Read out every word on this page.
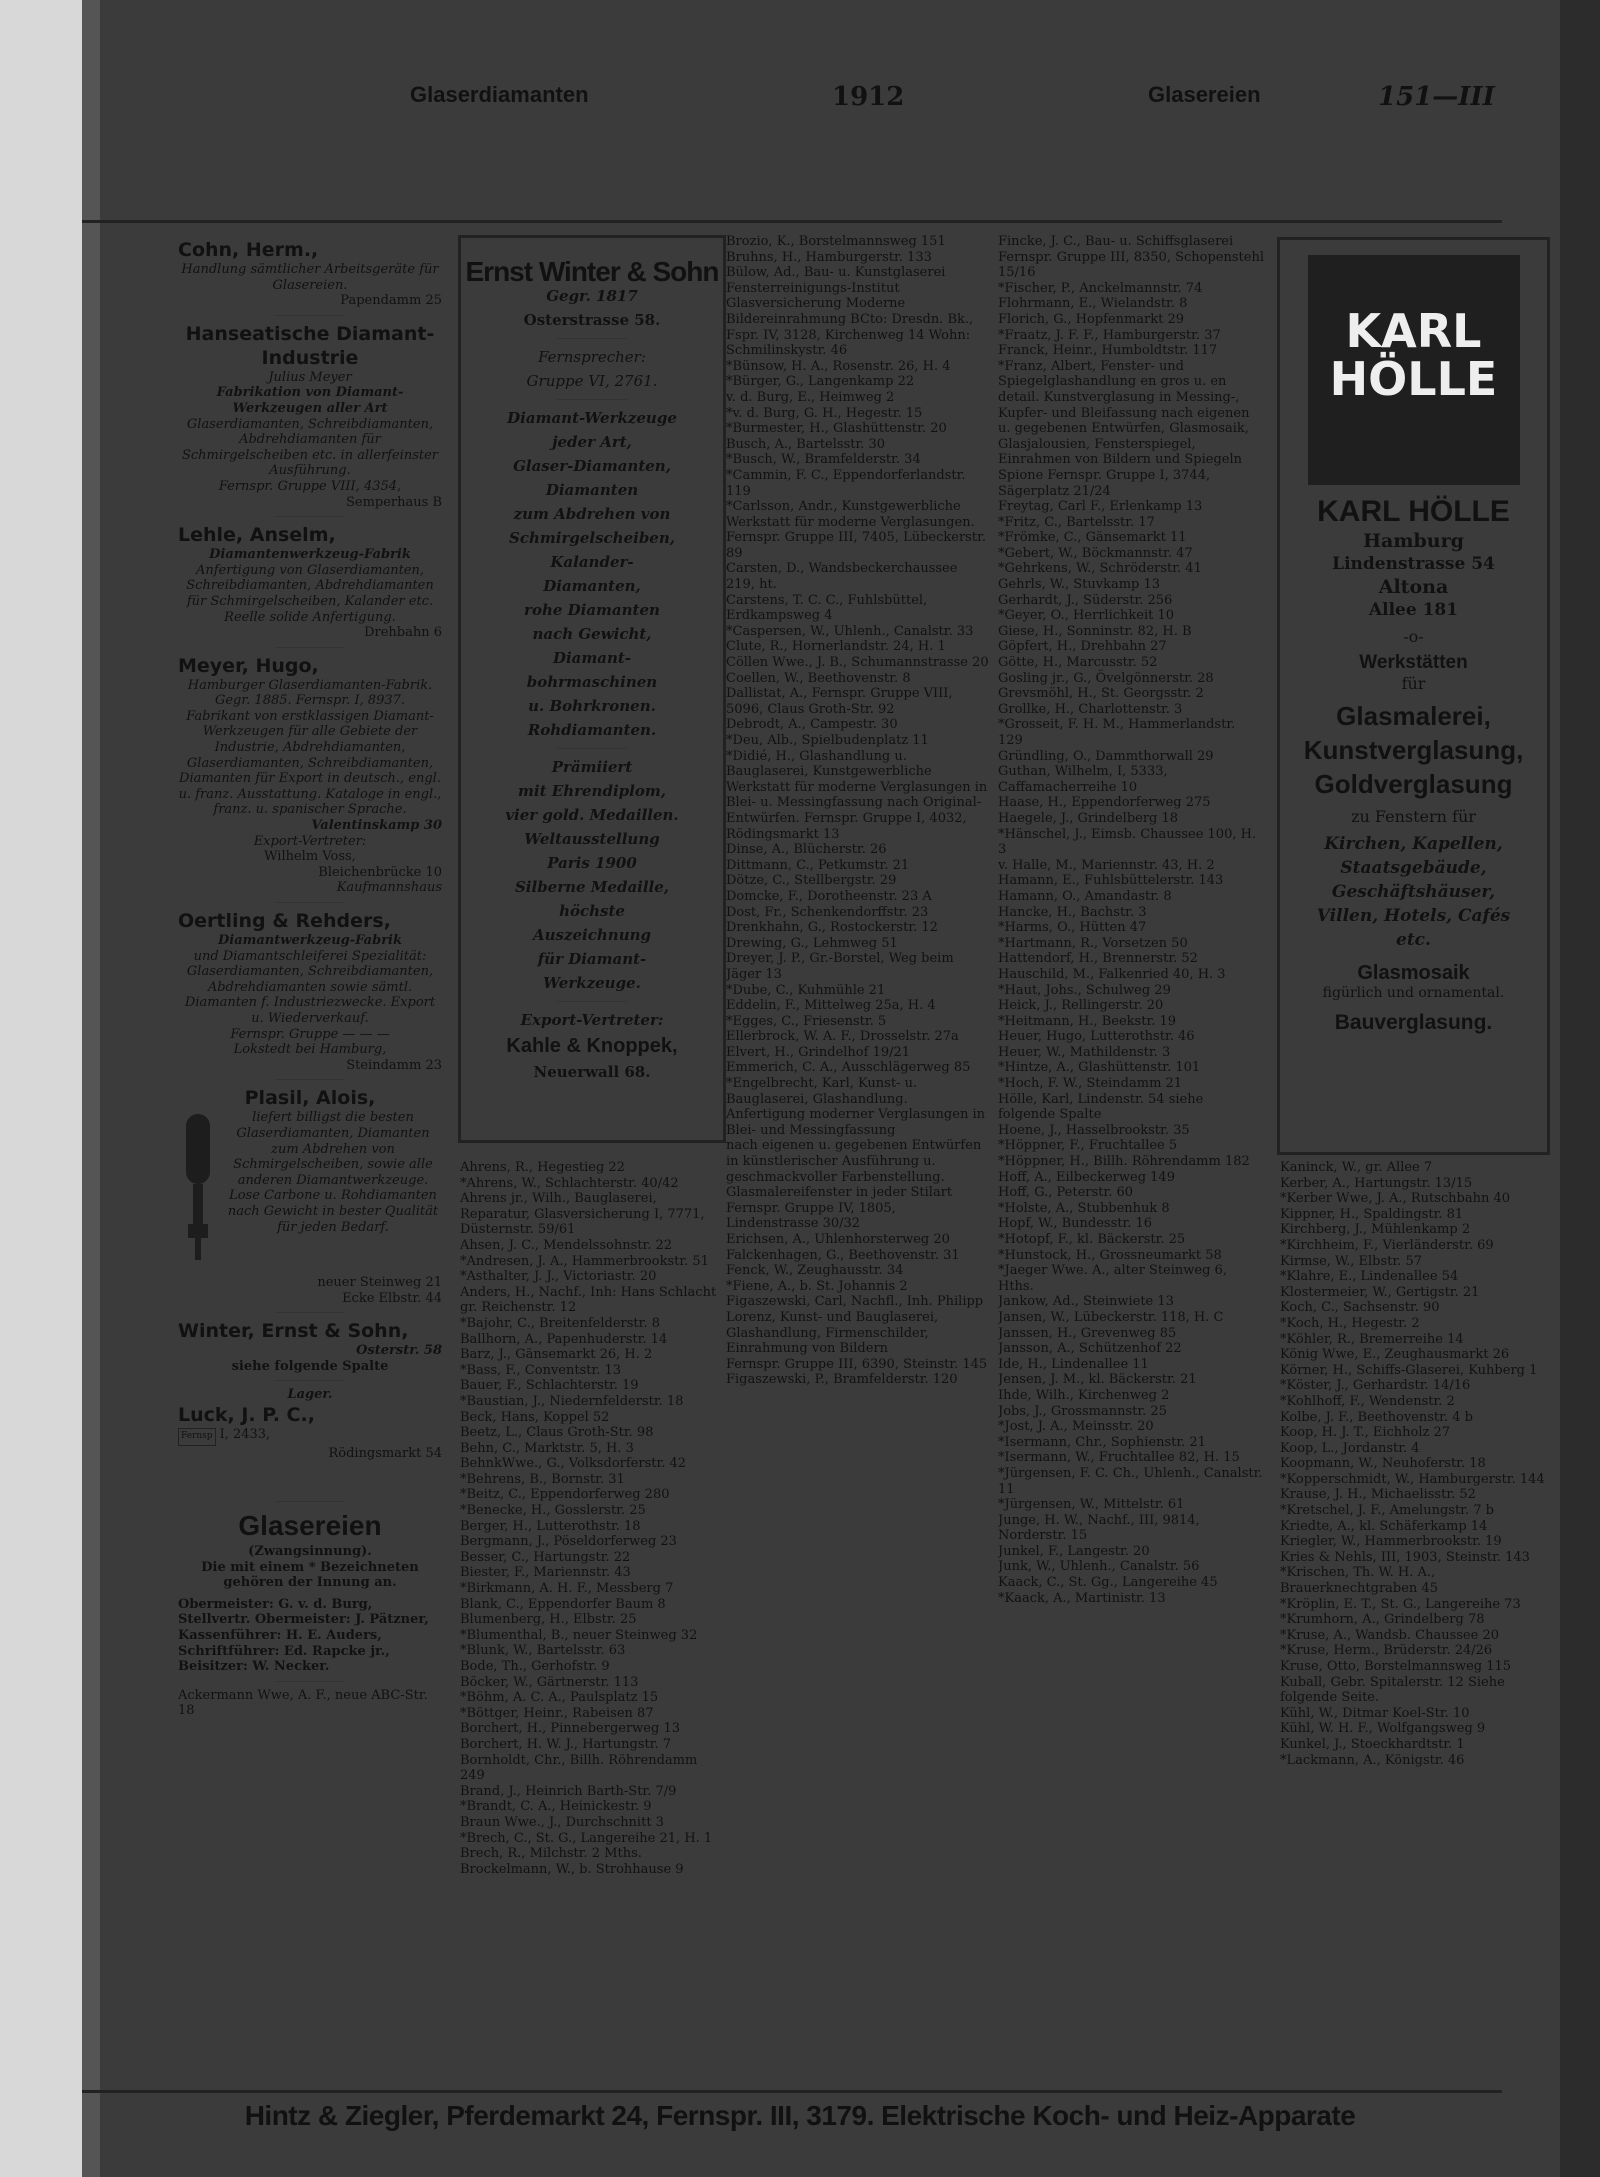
Glaserdiamanten	1912	Glasereien	151—III

Cohn, Herm.,

Handlung sämtlicher Arbeitsgeräte für Glasereien.

Papendamm 25

Hanseatische Diamant-Industrie

Julius Meyer

Fabrikation von Diamant-Werkzeugen aller Art

Glaserdiamanten, Schreibdiamanten, Abdrehdiamanten für Schmirgelscheiben etc. in allerfeinster Ausführung.

Fernspr. Gruppe VIII, 4354,

Semperhaus B

Lehle, Anselm,

Diamantenwerkzeug-Fabrik

Anfertigung von Glaserdiamanten, Schreibdiamanten, Abdrehdiamanten für Schmirgelscheiben, Kalander etc. Reelle solide Anfertigung.

Drehbahn 6

Meyer, Hugo,

Hamburger Glaserdiamanten-Fabrik.

Gegr. 1885. Fernspr. I, 8937.

Fabrikant von erstklassigen Diamant-Werkzeugen für alle Gebiete der Industrie, Abdrehdiamanten, Glaserdiamanten, Schreibdiamanten, Diamanten für Export in deutsch., engl. u. franz. Ausstattung. Kataloge in engl., franz. u. spanischer Sprache.

Valentinskamp 30

Export-Vertreter:

Wilhelm Voss,

Bleichenbrücke 10

Kaufmannshaus

Oertling & Rehders,

Diamantwerkzeug-Fabrik

und Diamantschleiferei Spezialität: Glaserdiamanten, Schreibdiamanten, Abdrehdiamanten sowie sämtl. Diamanten f. Industriezwecke. Export u. Wiederverkauf.

Fernspr. Gruppe — — —

Lokstedt bei Hamburg,

Steindamm 23

Plasil, Alois,

liefert billigst die besten Glaserdiamanten, Diamanten zum Abdrehen von Schmirgelscheiben, sowie alle anderen Diamantwerkzeuge. Lose Carbone u. Rohdiamanten nach Gewicht in bester Qualität für jeden Bedarf.

neuer Steinweg 21

Ecke Elbstr. 44

Winter, Ernst & Sohn,

Osterstr. 58

siehe folgende Spalte

Lager.

Luck, J. P. C.,

Fernsp I, 2433,

Rödingsmarkt 54

Glasereien

(Zwangsinnung).

Die mit einem * Bezeichneten gehören der Innung an.

Obermeister: G. v. d. Burg,

Stellvertr. Obermeister: J. Pätzner,

Kassenführer: H. E. Auders,

Schriftführer: Ed. Rapcke jr.,

Beisitzer: W. Necker.

Ackermann Wwe, A. F., neue ABC-Str. 18

Ernst Winter & Sohn
Gegr. 1817
Osterstrasse 58.
Fernsprecher:
Gruppe VI, 2761.
Diamant-Werkzeuge
jeder Art,
Glaser-Diamanten,
Diamanten
zum Abdrehen von
Schmirgelscheiben,
Kalander-
Diamanten,
rohe Diamanten
nach Gewicht,
Diamant-
bohrmaschinen
u. Bohrkronen.
Rohdiamanten.
Prämiiert
mit Ehrendiplom,
vier gold. Medaillen.
Weltausstellung
Paris 1900
Silberne Medaille,
höchste
Auszeichnung
für Diamant-
Werkzeuge.
Export-Vertreter:
Kahle & Knoppek,
Neuerwall 68.

Ahrens, R., Hegestieg 22

*Ahrens, W., Schlachterstr. 40/42

Ahrens jr., Wilh., Bauglaserei, Reparatur, Glasversicherung I, 7771, Düsternstr. 59/61

Ahsen, J. C., Mendelssohnstr. 22

*Andresen, J. A., Hammerbrookstr. 51

*Asthalter, J. J., Victoriastr. 20

Anders, H., Nachf., Inh: Hans Schlacht gr. Reichenstr. 12

*Bajohr, C., Breitenfelderstr. 8

Ballhorn, A., Papenhuderstr. 14

Barz, J., Gänsemarkt 26, H. 2

*Bass, F., Conventstr. 13

Bauer, F., Schlachterstr. 19

*Baustian, J., Niedernfelderstr. 18

Beck, Hans, Koppel 52

Beetz, L., Claus Groth-Str. 98

Behn, C., Marktstr. 5, H. 3

BehnkWwe., G., Volksdorferstr. 42

*Behrens, B., Bornstr. 31

*Beitz, C., Eppendorferweg 280

*Benecke, H., Gosslerstr. 25

Berger, H., Lutterothstr. 18

Bergmann, J., Pöseldorferweg 23

Besser, C., Hartungstr. 22

Biester, F., Mariennstr. 43

*Birkmann, A. H. F., Messberg 7

Blank, C., Eppendorfer Baum 8

Blumenberg, H., Elbstr. 25

*Blumenthal, B., neuer Steinweg 32

*Blunk, W., Bartelsstr. 63

Bode, Th., Gerhofstr. 9

Böcker, W., Gärtnerstr. 113

*Böhm, A. C. A., Paulsplatz 15

*Böttger, Heinr., Rabeisen 87

Borchert, H., Pinnebergerweg 13

Borchert, H. W. J., Hartungstr. 7

Bornholdt, Chr., Billh. Röhrendamm 249

Brand, J., Heinrich Barth-Str. 7/9

*Brandt, C. A., Heinickestr. 9

Braun Wwe., J., Durchschnitt 3

*Brech, C., St. G., Langereihe 21, H. 1

Brech, R., Milchstr. 2 Mths.

Brockelmann, W., b. Strohhause 9

Brozio, K., Borstelmannsweg 151

Bruhns, H., Hamburgerstr. 133

Bülow, Ad., Bau- u. Kunstglaserei Fensterreinigungs-Institut Glasversicherung Moderne Bildereinrahmung BCto: Dresdn. Bk., Fspr. IV, 3128, Kirchenweg 14 Wohn: Schmilinskystr. 46

*Bünsow, H. A., Rosenstr. 26, H. 4

*Bürger, G., Langenkamp 22

v. d. Burg, E., Heimweg 2

*v. d. Burg, G. H., Hegestr. 15

*Burmester, H., Glashüttenstr. 20

Busch, A., Bartelsstr. 30

*Busch, W., Bramfelderstr. 34

*Cammin, F. C., Eppendorferlandstr. 119

*Carlsson, Andr., Kunstgewerbliche Werkstatt für moderne Verglasungen. Fernspr. Gruppe III, 7405, Lübeckerstr. 89

Carsten, D., Wandsbeckerchaussee 219, ht.

Carstens, T. C. C., Fuhlsbüttel, Erdkampsweg 4

*Caspersen, W., Uhlenh., Canalstr. 33

Clute, R., Hornerlandstr. 24, H. 1

Cöllen Wwe., J. B., Schumannstrasse 20

Coellen, W., Beethovenstr. 8

Dallistat, A., Fernspr. Gruppe VIII, 5096, Claus Groth-Str. 92

Debrodt, A., Campestr. 30

*Deu, Alb., Spielbudenplatz 11

*Didié, H., Glashandlung u. Bauglaserei, Kunstgewerbliche Werkstatt für moderne Verglasungen in Blei- u. Messingfassung nach Original-Entwürfen. Fernspr. Gruppe I, 4032, Rödingsmarkt 13

Dinse, A., Blücherstr. 26

Dittmann, C., Petkumstr. 21

Dötze, C., Stellbergstr. 29

Domcke, F., Dorotheenstr. 23 A

Dost, Fr., Schenkendorffstr. 23

Drenkhahn, G., Rostockerstr. 12

Drewing, G., Lehmweg 51

Dreyer, J. P., Gr.-Borstel, Weg beim Jäger 13

*Dube, C., Kuhmühle 21

Eddelin, F., Mittelweg 25a, H. 4

*Egges, C., Friesenstr. 5

Ellerbrock, W. A. F., Drosselstr. 27a

Elvert, H., Grindelhof 19/21

Emmerich, C. A., Ausschlägerweg 85

*Engelbrecht, Karl, Kunst- u. Bauglaserei, Glashandlung.

Anfertigung moderner Verglasungen in Blei- und Messingfassung

nach eigenen u. gegebenen Entwürfen in künstlerischer Ausführung u. geschmackvoller Farbenstellung.

Glasmalereifenster in jeder Stilart

Fernspr. Gruppe IV, 1805, Lindenstrasse 30/32

Erichsen, A., Uhlenhorsterweg 20

Falckenhagen, G., Beethovenstr. 31

Fenck, W., Zeughausstr. 34

*Fiene, A., b. St. Johannis 2

Figaszewski, Carl, Nachfl., Inh. Philipp Lorenz, Kunst- und Bauglaserei, Glashandlung, Firmenschilder, Einrahmung von Bildern

Fernspr. Gruppe III, 6390, Steinstr. 145

Figaszewski, P., Bramfelderstr. 120

Fincke, J. C., Bau- u. Schiffsglaserei Fernspr. Gruppe III, 8350, Schopenstehl 15/16

*Fischer, P., Anckelmannstr. 74

Flohrmann, E., Wielandstr. 8

Florich, G., Hopfenmarkt 29

*Fraatz, J. F. F., Hamburgerstr. 37

Franck, Heinr., Humboldtstr. 117

*Franz, Albert, Fenster- und Spiegelglashandlung en gros u. en detail. Kunstverglasung in Messing-, Kupfer- und Bleifassung nach eigenen u. gegebenen Entwürfen, Glasmosaik, Glasjalousien, Fensterspiegel, Einrahmen von Bildern und Spiegeln Spione Fernspr. Gruppe I, 3744, Sägerplatz 21/24

Freytag, Carl F., Erlenkamp 13

*Fritz, C., Bartelsstr. 17

*Frömke, C., Gänsemarkt 11

*Gebert, W., Böckmannstr. 47

*Gehrkens, W., Schröderstr. 41

Gehrls, W., Stuvkamp 13

Gerhardt, J., Süderstr. 256

*Geyer, O., Herrlichkeit 10

Giese, H., Sonninstr. 82, H. B

Göpfert, H., Drehbahn 27

Götte, H., Marcusstr. 52

Gosling jr., G., Övelgönnerstr. 28

Grevsmöhl, H., St. Georgsstr. 2

Grollke, H., Charlottenstr. 3

*Grosseit, F. H. M., Hammerlandstr. 129

Gründling, O., Dammthorwall 29

Guthan, Wilhelm, I, 5333, Caffamacherreihe 10

Haase, H., Eppendorferweg 275

Haegele, J., Grindelberg 18

*Hänschel, J., Eimsb. Chaussee 100, H. 3

v. Halle, M., Mariennstr. 43, H. 2

Hamann, E., Fuhlsbüttelerstr. 143

Hamann, O., Amandastr. 8

Hancke, H., Bachstr. 3

*Harms, O., Hütten 47

*Hartmann, R., Vorsetzen 50

Hattendorf, H., Brennerstr. 52

Hauschild, M., Falkenried 40, H. 3

*Haut, Johs., Schulweg 29

Heick, J., Rellingerstr. 20

*Heitmann, H., Beekstr. 19

Heuer, Hugo, Lutterothstr. 46

Heuer, W., Mathildenstr. 3

*Hintze, A., Glashüttenstr. 101

*Hoch, F. W., Steindamm 21

Hölle, Karl, Lindenstr. 54 siehe folgende Spalte

Hoene, J., Hasselbrookstr. 35

*Höppner, F., Fruchtallee 5

*Höppner, H., Billh. Röhrendamm 182

Hoff, A., Eilbeckerweg 149

Hoff, G., Peterstr. 60

*Holste, A., Stubbenhuk 8

Hopf, W., Bundesstr. 16

*Hotopf, F., kl. Bäckerstr. 25

*Hunstock, H., Grossneumarkt 58

*Jaeger Wwe. A., alter Steinweg 6, Hths.

Jankow, Ad., Steinwiete 13

Jansen, W., Lübeckerstr. 118, H. C

Janssen, H., Grevenweg 85

Jansson, A., Schützenhof 22

Ide, H., Lindenallee 11

Jensen, J. M., kl. Bäckerstr. 21

Ihde, Wilh., Kirchenweg 2

Jobs, J., Grossmannstr. 25

*Jost, J. A., Meinsstr. 20

*Isermann, Chr., Sophienstr. 21

*Isermann, W., Fruchtallee 82, H. 15

*Jürgensen, F. C. Ch., Uhlenh., Canalstr. 11

*Jürgensen, W., Mittelstr. 61

Junge, H. W., Nachf., III, 9814, Norderstr. 15

Junkel, F., Langestr. 20

Junk, W., Uhlenh., Canalstr. 56

Kaack, C., St. Gg., Langereihe 45

*Kaack, A., Martinistr. 13

KARL HÖLLE
KARL HÖLLE
Hamburg
Lindenstrasse 54
Altona
Allee 181
-o-
Werkstätten
für
Glasmalerei,
Kunstverglasung,
Goldverglasung
zu Fenstern für
Kirchen, Kapellen,
Staatsgebäude,
Geschäftshäuser,
Villen, Hotels, Cafés
etc.
Glasmosaik
figürlich und ornamental.
Bauverglasung.

Kaninck, W., gr. Allee 7

Kerber, A., Hartungstr. 13/15

*Kerber Wwe, J. A., Rutschbahn 40

Kippner, H., Spaldingstr. 81

Kirchberg, J., Mühlenkamp 2

*Kirchheim, F., Vierländerstr. 69

Kirmse, W., Elbstr. 57

*Klahre, E., Lindenallee 54

Klostermeier, W., Gertigstr. 21

Koch, C., Sachsenstr. 90

*Koch, H., Hegestr. 2

*Köhler, R., Bremerreihe 14

König Wwe, E., Zeughausmarkt 26

Körner, H., Schiffs-Glaserei, Kuhberg 1

*Köster, J., Gerhardstr. 14/16

*Kohlhoff, F., Wendenstr. 2

Kolbe, J. F., Beethovenstr. 4 b

Koop, H. J. T., Eichholz 27

Koop, L., Jordanstr. 4

Koopmann, W., Neuhoferstr. 18

*Kopperschmidt, W., Hamburgerstr. 144

Krause, J. H., Michaelisstr. 52

*Kretschel, J. F., Amelungstr. 7 b

Kriedte, A., kl. Schäferkamp 14

Kriegler, W., Hammerbrookstr. 19

Kries & Nehls, III, 1903, Steinstr. 143

*Krischen, Th. W. H. A., Brauerknechtgraben 45

*Kröplin, E. T., St. G., Langereihe 73

*Krumhorn, A., Grindelberg 78

*Kruse, A., Wandsb. Chaussee 20

*Kruse, Herm., Brüderstr. 24/26

Kruse, Otto, Borstelmannsweg 115

Kuball, Gebr. Spitalerstr. 12 Siehe folgende Seite.

Kühl, W., Ditmar Koel-Str. 10

Kühl, W. H. F., Wolfgangsweg 9

Kunkel, J., Stoeckhardtstr. 1

*Lackmann, A., Königstr. 46

Hintz & Ziegler, Pferdemarkt 24, Fernspr. III, 3179. Elektrische Koch- und Heiz-Apparate
